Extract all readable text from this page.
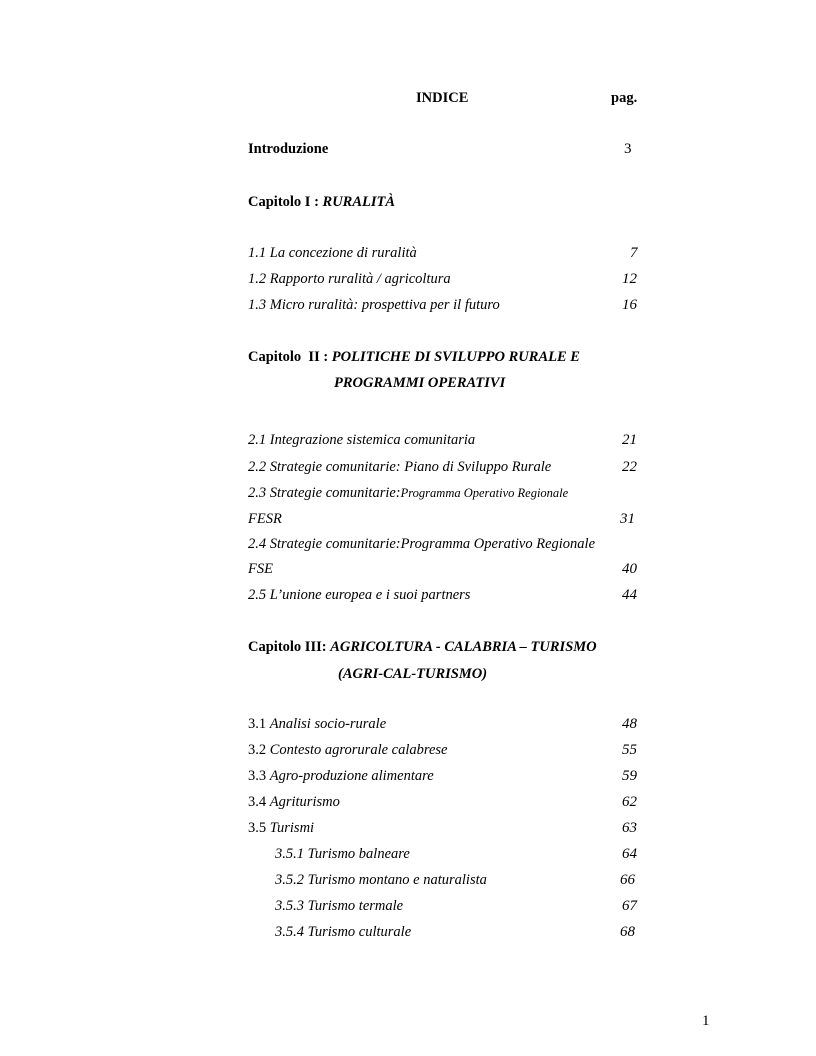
INDICE	pag.
Introduzione	3
Capitolo I : RURALITÀ
1.1 La concezione di ruralità	7
1.2 Rapporto ruralità / agricoltura	12
1.3 Micro ruralità: prospettiva per il futuro	16
Capitolo  II : POLITICHE DI SVILUPPO RURALE E
PROGRAMMI OPERATIVI
2.1 Integrazione sistemica comunitaria	21
2.2 Strategie comunitarie: Piano di Sviluppo Rurale	22
2.3 Strategie comunitarie:Programma Operativo Regionale
FESR	31
2.4 Strategie comunitarie:Programma Operativo Regionale
FSE	40
2.5 L’unione europea e i suoi partners	44
Capitolo III: AGRICOLTURA - CALABRIA – TURISMO
(AGRI-CAL-TURISMO)
3.1 Analisi socio-rurale	48
3.2 Contesto agrorurale calabrese	55
3.3 Agro-produzione alimentare	59
3.4 Agriturismo	62
3.5 Turismi	63
3.5.1 Turismo balneare	64
3.5.2 Turismo montano e naturalista	66
3.5.3 Turismo termale	67
3.5.4 Turismo culturale	68
1
